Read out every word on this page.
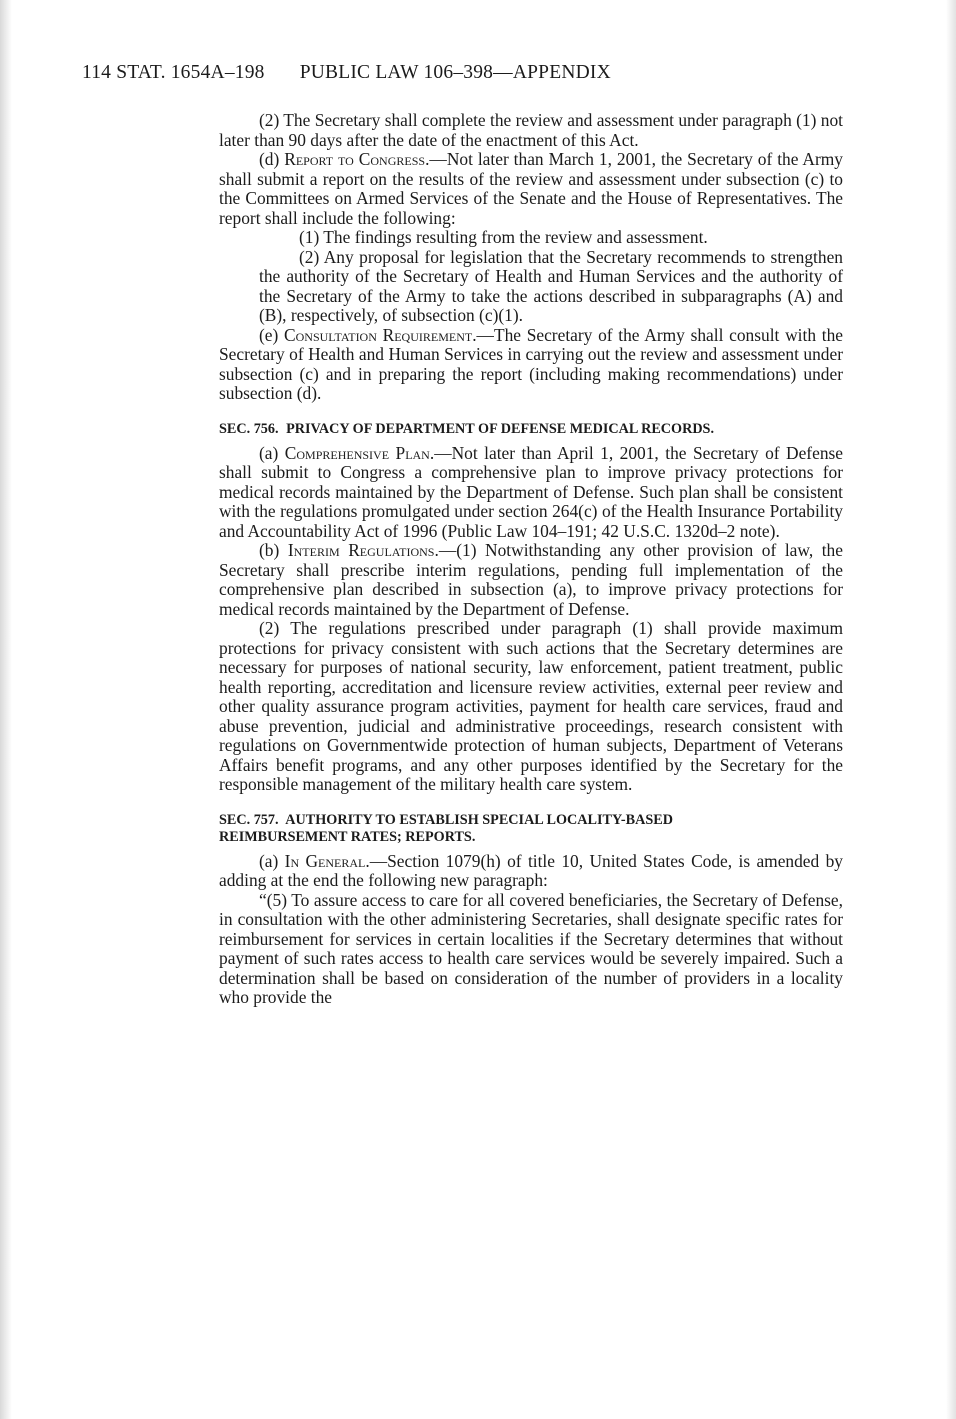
114 STAT. 1654A–198 PUBLIC LAW 106–398—APPENDIX

(2) The Secretary shall complete the review and assessment under paragraph (1) not later than 90 days after the date of the enactment of this Act.

(d) Report to Congress.—Not later than March 1, 2001, the Secretary of the Army shall submit a report on the results of the review and assessment under subsection (c) to the Committees on Armed Services of the Senate and the House of Representatives. The report shall include the following:

(1) The findings resulting from the review and assessment.

(2) Any proposal for legislation that the Secretary recommends to strengthen the authority of the Secretary of Health and Human Services and the authority of the Secretary of the Army to take the actions described in subparagraphs (A) and (B), respectively, of subsection (c)(1).

(e) Consultation Requirement.—The Secretary of the Army shall consult with the Secretary of Health and Human Services in carrying out the review and assessment under subsection (c) and in preparing the report (including making recommendations) under subsection (d).

SEC. 756. PRIVACY OF DEPARTMENT OF DEFENSE MEDICAL RECORDS.

(a) Comprehensive Plan.—Not later than April 1, 2001, the Secretary of Defense shall submit to Congress a comprehensive plan to improve privacy protections for medical records maintained by the Department of Defense. Such plan shall be consistent with the regulations promulgated under section 264(c) of the Health Insurance Portability and Accountability Act of 1996 (Public Law 104–191; 42 U.S.C. 1320d–2 note).

(b) Interim Regulations.—(1) Notwithstanding any other provision of law, the Secretary shall prescribe interim regulations, pending full implementation of the comprehensive plan described in subsection (a), to improve privacy protections for medical records maintained by the Department of Defense.

(2) The regulations prescribed under paragraph (1) shall provide maximum protections for privacy consistent with such actions that the Secretary determines are necessary for purposes of national security, law enforcement, patient treatment, public health reporting, accreditation and licensure review activities, external peer review and other quality assurance program activities, payment for health care services, fraud and abuse prevention, judicial and administrative proceedings, research consistent with regulations on Governmentwide protection of human subjects, Department of Veterans Affairs benefit programs, and any other purposes identified by the Secretary for the responsible management of the military health care system.

SEC. 757. AUTHORITY TO ESTABLISH SPECIAL LOCALITY-BASED
REIMBURSEMENT RATES; REPORTS.

(a) In General.—Section 1079(h) of title 10, United States Code, is amended by adding at the end the following new paragraph:

“(5) To assure access to care for all covered beneficiaries, the Secretary of Defense, in consultation with the other administering Secretaries, shall designate specific rates for reimbursement for services in certain localities if the Secretary determines that without payment of such rates access to health care services would be severely impaired. Such a determination shall be based on consideration of the number of providers in a locality who provide the
